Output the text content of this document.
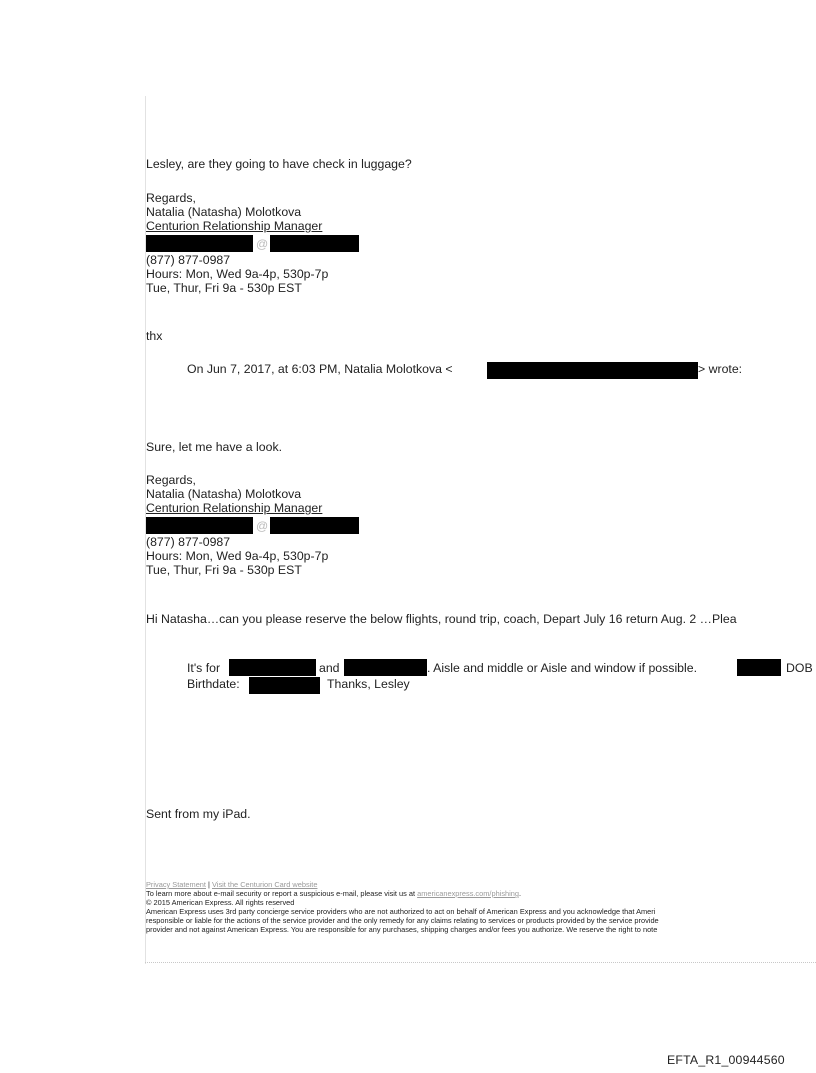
Lesley, are they going to have check in luggage?
Regards,
Natalia (Natasha) Molotkova
Centurion Relationship Manager
@
(877) 877-0987
Hours: Mon, Wed 9a-4p, 530p-7p
Tue, Thur, Fri 9a - 530p EST
thx
On Jun 7, 2017, at 6:03 PM, Natalia Molotkova <	> wrote:
Sure, let me have a look.
Regards,
Natalia (Natasha) Molotkova
Centurion Relationship Manager
@
(877) 877-0987
Hours: Mon, Wed 9a-4p, 530p-7p
Tue, Thur, Fri 9a - 530p EST
Hi Natasha…can you please reserve the below flights, round trip, coach, Depart July 16 return Aug. 2 …Plea
It's for	and	. Aisle and middle or Aisle and window if possible.	DOB
Birthdate:	Thanks, Lesley
Sent from my iPad.
Privacy Statement | Visit the Centurion Card website
To learn more about e-mail security or report a suspicious e-mail, please visit us at americanexpress.com/phishing.
© 2015 American Express. All rights reserved
American Express uses 3rd party concierge service providers who are not authorized to act on behalf of American Express and you acknowledge that Ameri
responsible or liable for the actions of the service provider and the only remedy for any claims relating to services or products provided by the service provide
provider and not against American Express. You are responsible for any purchases, shipping charges and/or fees you authorize. We reserve the right to note
EFTA_R1_00944560
